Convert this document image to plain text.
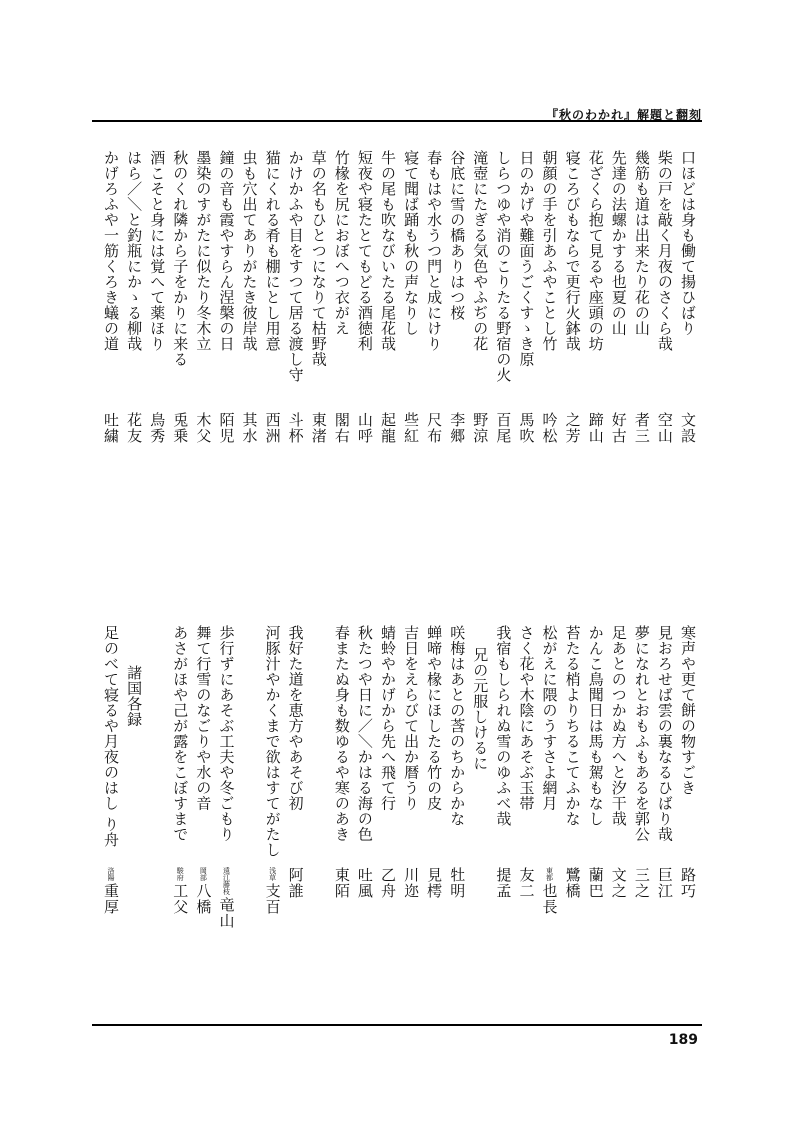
『秋のわかれ』解題と翻刻
口ほどは身も働て揚ひばり
文設
柴の戸を敲く月夜のさくら哉
空山
幾筋も道は出来たり花の山
者三
先達の法螺かする也夏の山
好古
花ざくら抱て見るや座頭の坊
蹄山
寝ころびもならで更行火鉢哉
之芳
朝顔の手を引あふやことし竹
吟松
日のかげや難面うごくすゝき原
馬吹
しらつゆや消のこりたる野宿の火
百尾
滝壺にたぎる気色やふぢの花
野涼
谷底に雪の橋ありはつ桜
李郷
春もはや水うつ門と成にけり
尺布
寝て聞ば踊も秋の声なりし
些紅
牛の尾も吹なびいたる尾花哉
起龍
短夜や寝たとてもどる酒徳利
山呼
竹椽を尻におぼへつ衣がえ
閣右
草の名もひとつになりて枯野哉
東渚
かけかふや目をすつて居る渡し守
斗杯
猫にくれる肴も棚にとし用意
西洲
虫も穴出てありがたき彼岸哉
其水
鐘の音も霞やすらん涅槃の日
陌児
墨染のすがたに似たり冬木立
木父
秋のくれ隣から子をかりに来る
兎乗
酒こそと身には覚へて薬ほり
鳥秀
はら／＼と釣瓶にかゝる柳哉
花友
かげろふや一筋くろき蟻の道
吐繍
寒声や更て餅の物すごき
路巧
見おろせば雲の裏なるひばり哉
巨江
夢になれとおもふもあるを郭公
三之
足あとのつかぬ方へと汐干哉
文之
かんこ鳥聞日は馬も駕もなし
蘭巴
苔たる梢よりちるこてふかな
鷺橋
松がえに隈のうすさよ網月
東都也長
さく花や木陰にあそぶ玉帯
友二
我宿もしられぬ雪のゆふべ哉
提孟
兄の元服しけるに
咲梅はあとの莟のちからかな
牡明
蝉啼や椽にほしたる竹の皮
見樗
吉日をえらびて出か暦うり
川迩
蜻蛉やかげから先へ飛て行
乙舟
秋たつや日に／＼かはる海の色
吐風
春またぬ身も数ゆるや寒のあき
東陌
我好た道を恵方やあそび初
阿誰
河豚汁やかくまで欲はすてがたし
浅草支百
歩行ずにあそぶ工夫や冬ごもり
遠江藤枝竜山
舞て行雪のなごりや水の音
岡部八橋
あさがほや己が露をこぼすまで
駿府工父
諸国各録
足のべて寝るや月夜のはし り舟
洛陽重厚
189
